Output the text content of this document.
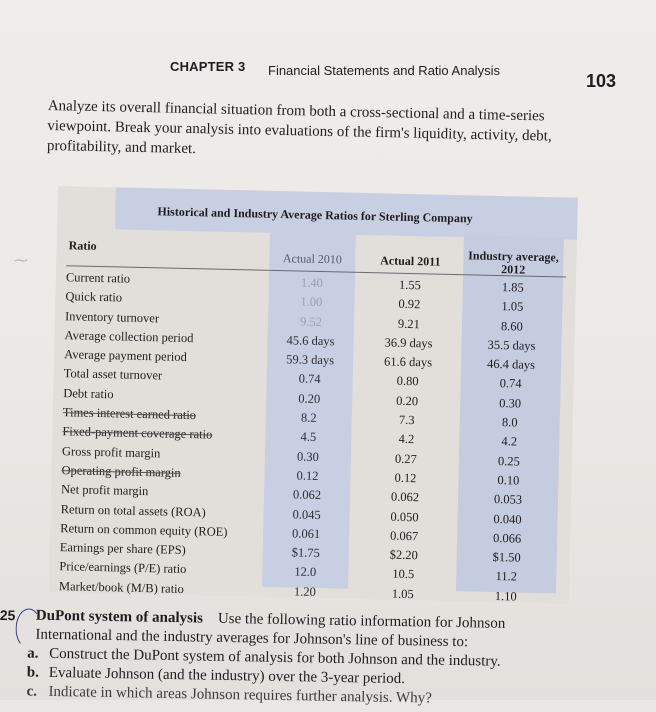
CHAPTER 3 Financial Statements and Ratio Analysis
103
Analyze its overall financial situation from both a cross-sectional and a time-series viewpoint. Break your analysis into evaluations of the firm's liquidity, activity, debt, profitability, and market.
⁓
Historical and Industry Average Ratios for Sterling Company
Ratio
Actual 2010	Actual 2011	Industry average,
2012
Current ratio	1.40	1.55	1.85
Quick ratio	1.00	0.92	1.05
Inventory turnover	9.52	9.21	8.60
Average collection period	45.6 days	36.9 days	35.5 days
Average payment period	59.3 days	61.6 days	46.4 days
Total asset turnover	0.74	0.80	0.74
Debt ratio	0.20	0.20	0.30
Times interest earned ratio	8.2	7.3	8.0
Fixed-payment coverage ratio	4.5	4.2	4.2
Gross profit margin	0.30	0.27	0.25
Operating profit margin	0.12	0.12	0.10
Net profit margin	0.062	0.062	0.053
Return on total assets (ROA)	0.045	0.050	0.040
Return on common equity (ROE)	0.061	0.067	0.066
Earnings per share (EPS)	$1.75	$2.20	$1.50
Price/earnings (P/E) ratio	12.0	10.5	11.2
Market/book (M/B) ratio	1.20	1.05	1.10
25 DuPont system of analysis Use the following ratio information for Johnson
International and the industry averages for Johnson's line of business to:
a. Construct the DuPont system of analysis for both Johnson and the industry.
b. Evaluate Johnson (and the industry) over the 3-year period.
c. Indicate in which areas Johnson requires further analysis. Why?
